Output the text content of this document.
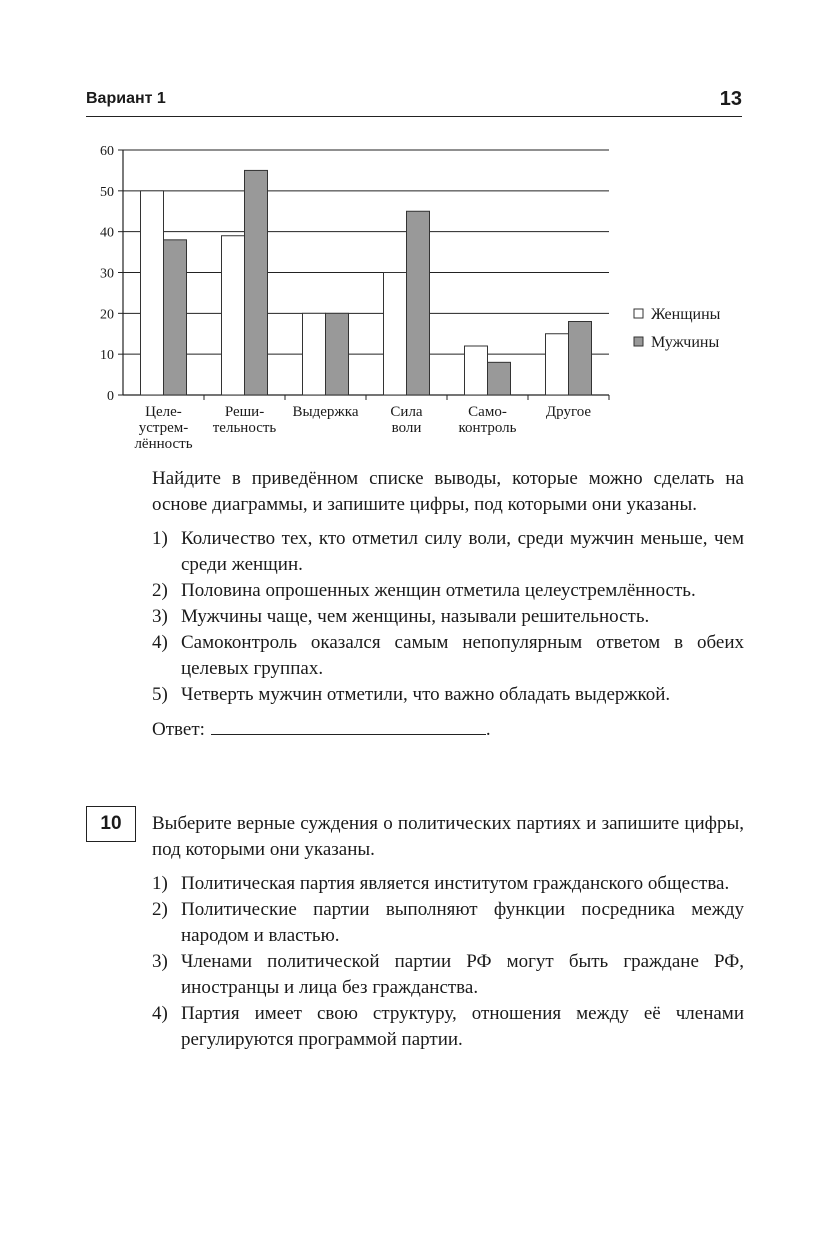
Вариант 1	13
0
10
20
30
40
50
60
Целе-
устрем-
лённость
Реши-
тельность
Выдержка Сила
воли
Само-
контроль
Другое
Женщины
Мужчины

Найдите в приведённом списке выводы, которые можно сделать на основе диаграммы, и запишите цифры, под которыми они указаны.

1) Количество тех, кто отметил силу воли, среди мужчин меньше, чем среди женщин.
2) Половина опрошенных женщин отметила целеустремлённость.
3) Мужчины чаще, чем женщины, называли решительность.
4) Самоконтроль оказался самым непопулярным ответом в обеих целевых группах.
5) Четверть мужчин отметили, что важно обладать выдержкой.
Ответ:	.
10	Выберите верные суждения о политических партиях и запишите цифры, под которыми они указаны.

1) Политическая партия является институтом гражданского общества.
2) Политические партии выполняют функции посредника между народом и властью.
3) Членами политической партии РФ могут быть граждане РФ, иностранцы и лица без гражданства.
4) Партия имеет свою структуру, отношения между её членами регулируются программой партии.
